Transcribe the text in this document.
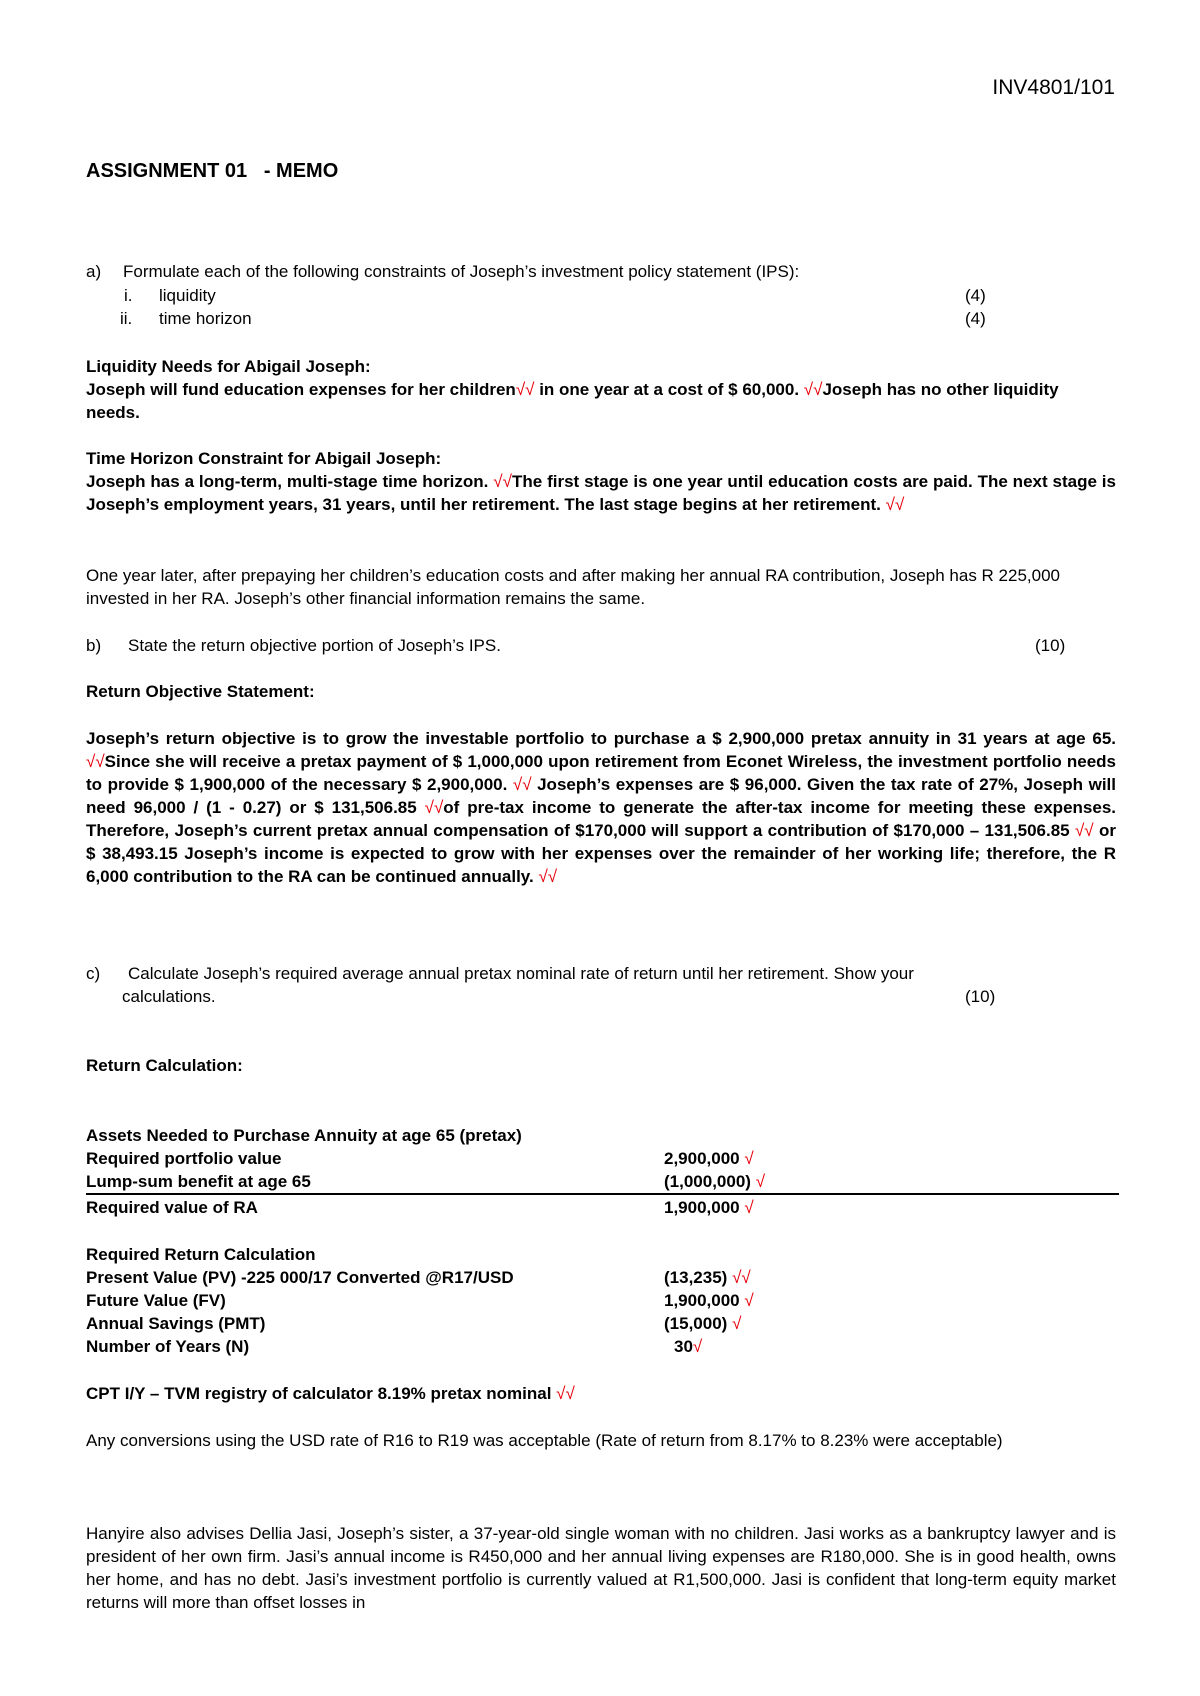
INV4801/101
ASSIGNMENT 01   - MEMO
a) Formulate each of the following constraints of Joseph’s investment policy statement (IPS):
i. liquidity	(4)
ii. time horizon	(4)
Liquidity Needs for Abigail Joseph:
Joseph will fund education expenses for her children√√ in one year at a cost of $ 60,000. √√Joseph has no other liquidity needs.
Time Horizon Constraint for Abigail Joseph:
Joseph has a long-term, multi-stage time horizon. √√The first stage is one year until education costs are paid. The next stage is Joseph’s employment years, 31 years, until her retirement. The last stage begins at her retirement. √√
One year later, after prepaying her children’s education costs and after making her annual RA contribution, Joseph has R 225,000 invested in her RA. Joseph’s other financial information remains the same.
b) State the return objective portion of Joseph’s IPS.	(10)
Return Objective Statement:
Joseph’s return objective is to grow the investable portfolio to purchase a $ 2,900,000 pretax annuity in 31 years at age 65. √√Since she will receive a pretax payment of $ 1,000,000 upon retirement from Econet Wireless, the investment portfolio needs to provide $ 1,900,000 of the necessary $ 2,900,000. √√ Joseph’s expenses are $ 96,000. Given the tax rate of 27%, Joseph will need 96,000 / (1 - 0.27) or $ 131,506.85 √√of pre-tax income to generate the after-tax income for meeting these expenses. Therefore, Joseph’s current pretax annual compensation of $170,000 will support a contribution of $170,000 – 131,506.85 √√ or $ 38,493.15 Joseph’s income is expected to grow with her expenses over the remainder of her working life; therefore, the R 6,000 contribution to the RA can be continued annually. √√
c) Calculate Joseph’s required average annual pretax nominal rate of return until her retirement. Show your
calculations.	(10)
Return Calculation:
Assets Needed to Purchase Annuity at age 65 (pretax)
Required portfolio value	2,900,000 √
Lump-sum benefit at age 65	(1,000,000) √
Required value of RA	1,900,000 √
Required Return Calculation
Present Value (PV) -225 000/17 Converted @R17/USD	(13,235) √√
Future Value (FV)	1,900,000 √
Annual Savings (PMT)	(15,000) √
Number of Years (N)	30√
CPT I/Y – TVM registry of calculator 8.19% pretax nominal √√
Any conversions using the USD rate of R16 to R19 was acceptable (Rate of return from 8.17% to 8.23% were acceptable)
Hanyire also advises Dellia Jasi, Joseph’s sister, a 37-year-old single woman with no children. Jasi works as a bankruptcy lawyer and is president of her own firm. Jasi’s annual income is R450,000 and her annual living expenses are R180,000. She is in good health, owns her home, and has no debt. Jasi’s investment portfolio is currently valued at R1,500,000. Jasi is confident that long-term equity market returns will more than offset losses in
